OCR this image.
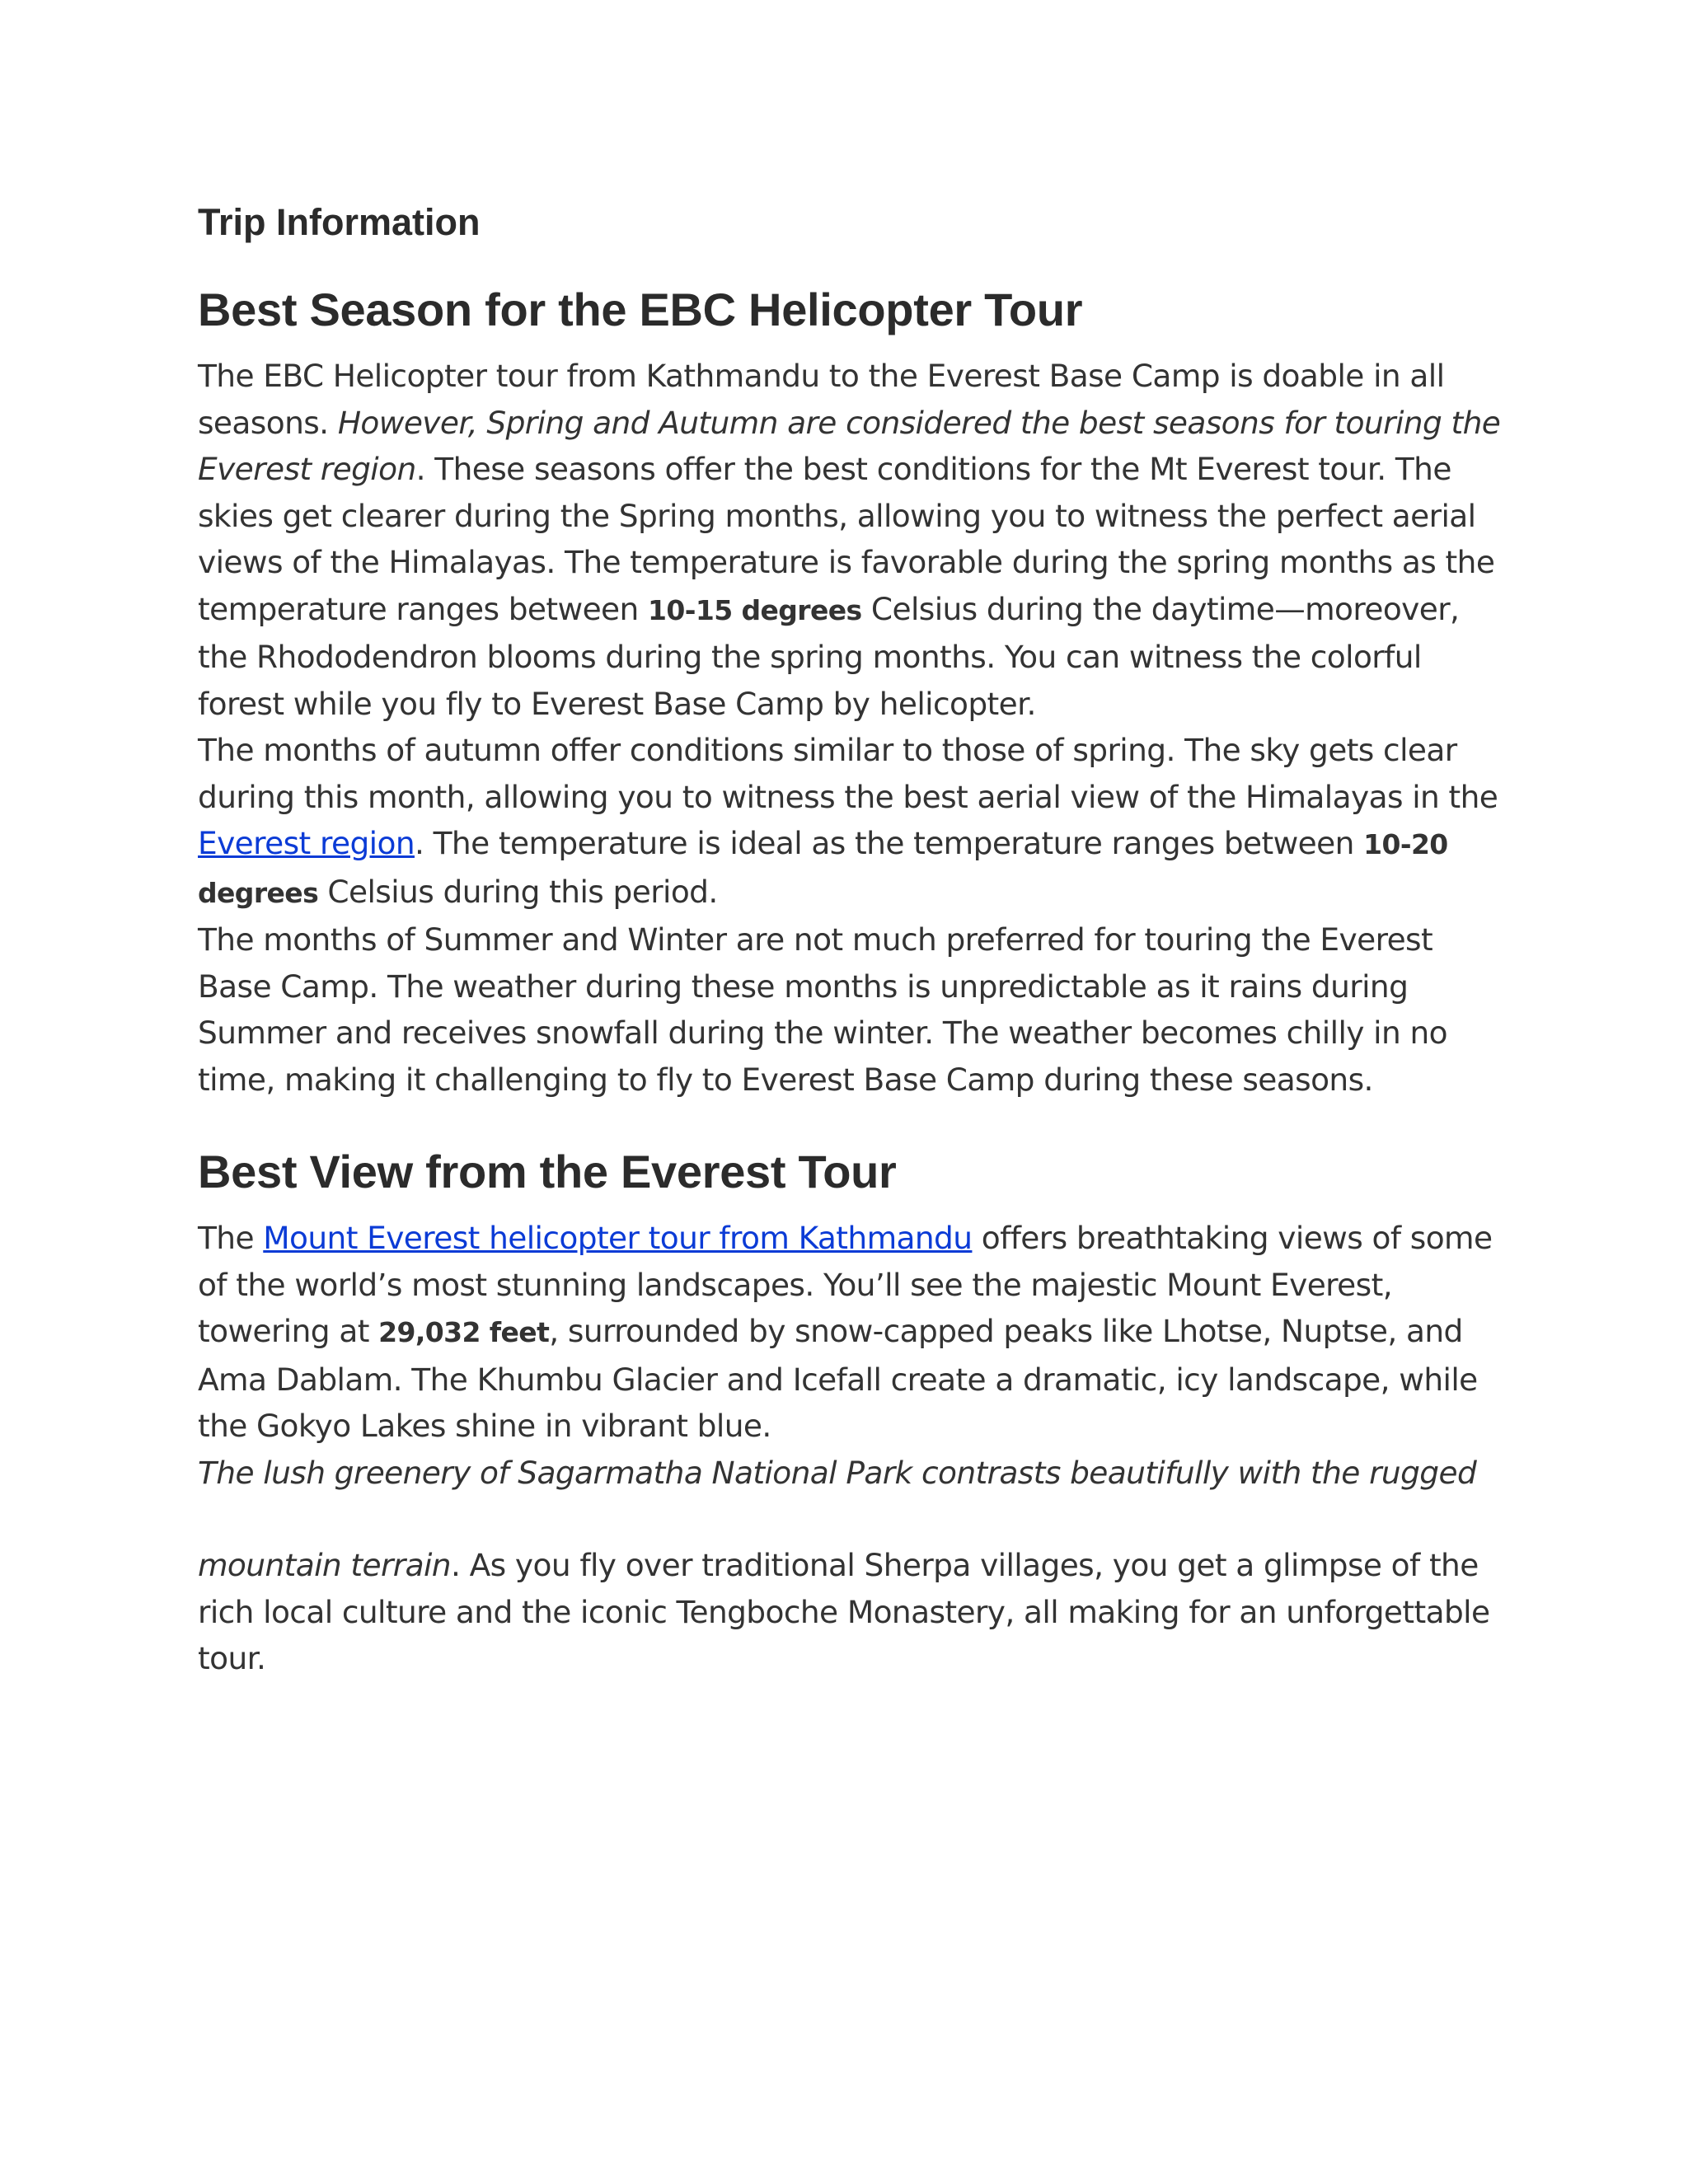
Trip Information
Best Season for the EBC Helicopter Tour

The EBC Helicopter tour from Kathmandu to the Everest Base Camp is doable in all seasons. However, Spring and Autumn are considered the best seasons for touring the Everest region. These seasons offer the best conditions for the Mt Everest tour. The skies get clearer during the Spring months, allowing you to witness the perfect aerial views of the Himalayas. The temperature is favorable during the spring months as the temperature ranges between 10-15 degrees Celsius during the daytime—moreover, the Rhododendron blooms during the spring months. You can witness the colorful forest while you fly to Everest Base Camp by helicopter.

The months of autumn offer conditions similar to those of spring. The sky gets clear during this month, allowing you to witness the best aerial view of the Himalayas in the Everest region. The temperature is ideal as the temperature ranges between 10-20 degrees Celsius during this period.

The months of Summer and Winter are not much preferred for touring the Everest Base Camp. The weather during these months is unpredictable as it rains during Summer and receives snowfall during the winter. The weather becomes chilly in no time, making it challenging to fly to Everest Base Camp during these seasons.

Best View from the Everest Tour

The Mount Everest helicopter tour from Kathmandu offers breathtaking views of some of the world’s most stunning landscapes. You’ll see the majestic Mount Everest, towering at 29,032 feet, surrounded by snow-capped peaks like Lhotse, Nuptse, and Ama Dablam. The Khumbu Glacier and Icefall create a dramatic, icy landscape, while the Gokyo Lakes shine in vibrant blue.

The lush greenery of Sagarmatha National Park contrasts beautifully with the rugged

mountain terrain. As you fly over traditional Sherpa villages, you get a glimpse of the rich local culture and the iconic Tengboche Monastery, all making for an unforgettable tour.
